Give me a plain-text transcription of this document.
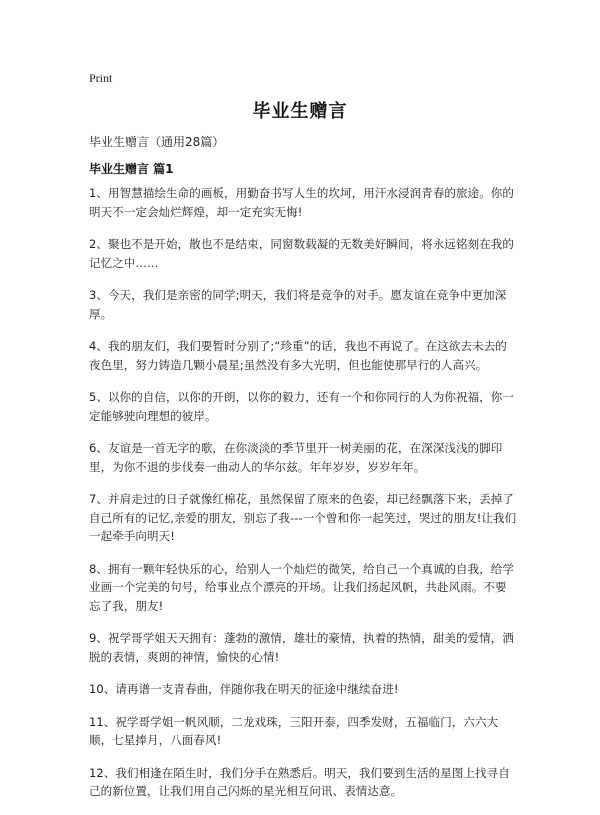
Print
毕业生赠言
毕业生赠言（通用28篇）
毕业生赠言 篇1

1、用智慧描绘生命的画板，用勤奋书写人生的坎坷，用汗水浸润青春的旅途。你的明天不一定会灿烂辉煌，却一定充实无悔!

2、聚也不是开始，散也不是结束，同窗数载凝的无数美好瞬间，将永远铭刻在我的记忆之中……

3、今天，我们是亲密的同学;明天，我们将是竞争的对手。愿友谊在竞争中更加深厚。

4、我的朋友们，我们要暂时分别了;“珍重”的话，我也不再说了。在这欲去未去的夜色里，努力铸造几颗小晨星;虽然没有多大光明，但也能使那早行的人高兴。

5、以你的自信，以你的开朗，以你的毅力，还有一个和你同行的人为你祝福，你一定能够驶向理想的彼岸。

6、友谊是一首无字的歌，在你淡淡的季节里开一树美丽的花，在深深浅浅的脚印里，为你不退的步伐奏一曲动人的华尔兹。年年岁岁，岁岁年年。

7、并肩走过的日子就像红棉花，虽然保留了原来的色姿，却已经飘落下来，丢掉了自己所有的记忆,亲爱的朋友，别忘了我---一个曾和你一起笑过，哭过的朋友!让我们一起牵手向明天!

8、拥有一颗年轻快乐的心，给别人一个灿烂的微笑，给自己一个真诚的自我，给学业画一个完美的句号，给事业点个漂亮的开场。让我们扬起风帆，共赴风雨。不要忘了我，朋友!

9、祝学哥学姐天天拥有：蓬勃的激情，雄壮的豪情，执着的热情，甜美的爱情，洒脱的表情，爽朗的神情，愉快的心情!

10、请再谱一支青春曲，伴随你我在明天的征途中继续奋进!

11、祝学哥学姐一帆风顺，二龙戏珠，三阳开泰，四季发财，五福临门，六六大顺，七星捧月，八面春风!

12、我们相逢在陌生时，我们分手在熟悉后。明天，我们要到生活的星图上找寻自己的新位置，让我们用自己闪烁的星光相互问讯、表情达意。
